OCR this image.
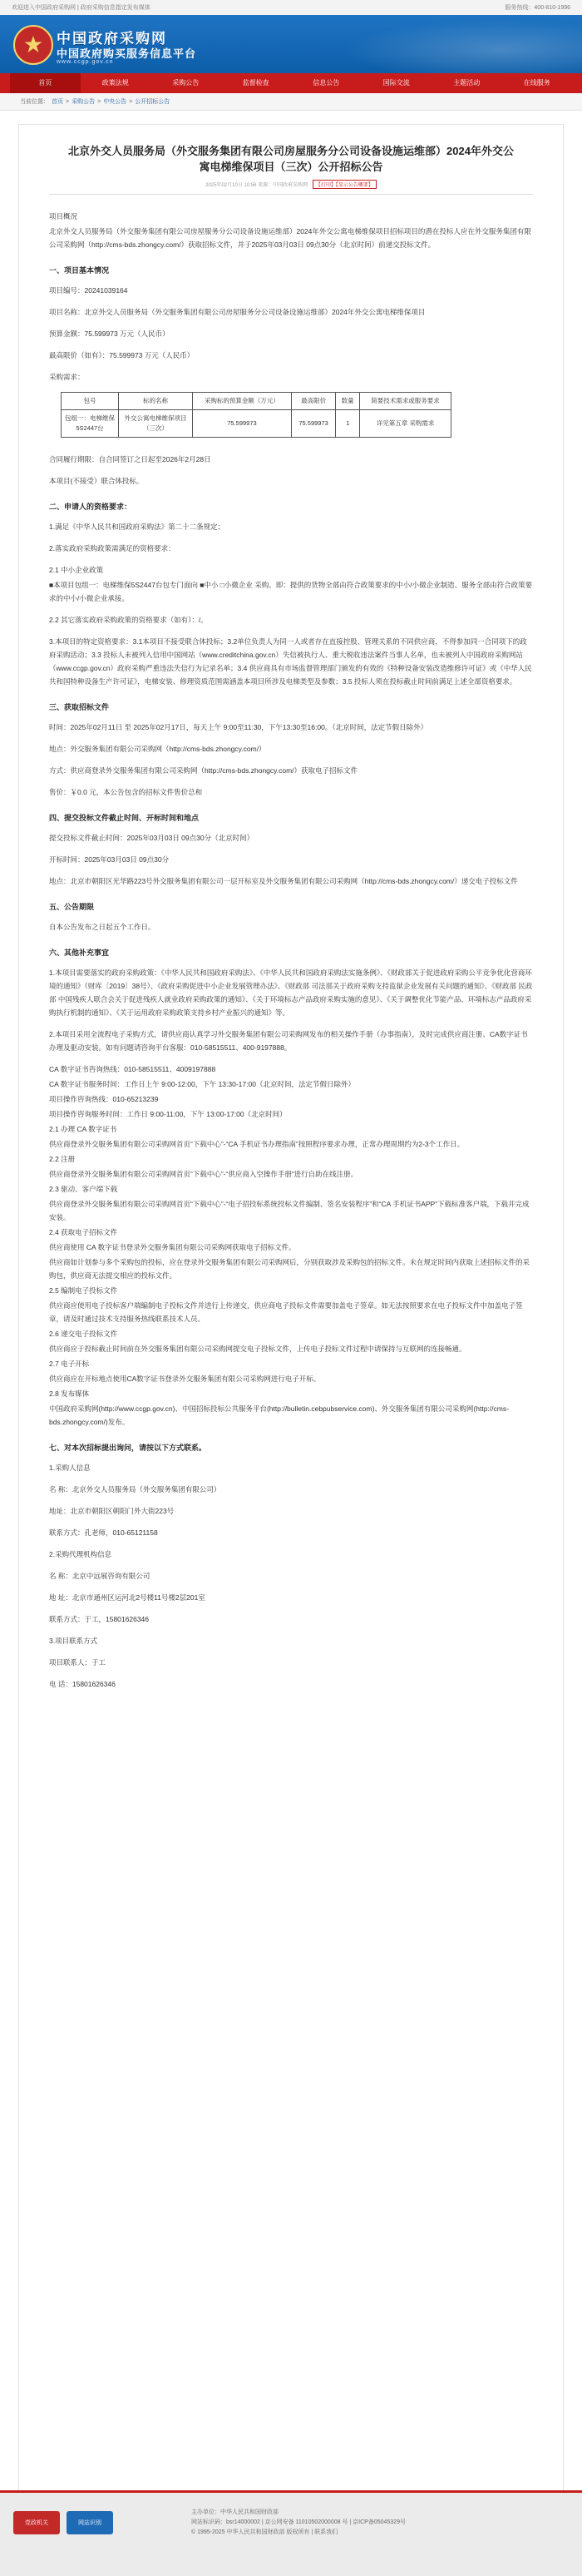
欢迎进入中国政府采购网 | 政府采购信息指定发布媒体	服务热线：400-810-1996
中国政府采购网
中国政府购买服务信息平台
www.ccgp.gov.cn
首页	政策法规	采购公告	监督检查	信息公告	国际交流	主题活动	在线服务
当前位置： 首页 > 采购公告 > 中央公告 > 公开招标公告
北京外交人员服务局（外交服务集团有限公司房屋服务分公司设备设施运维部）2024年外交公寓电梯维保项目（三次）公开招标公告
2025年02月10日 10:56 来源：中国政府采购网 【打印】【显示公告概要】
项目概况
北京外交人员服务局（外交服务集团有限公司房屋服务分公司设备设施运维部）2024年外交公寓电梯维保项目招标项目的潜在投标人应在外交服务集团有限公司采购网（http://cms-bds.zhongcy.com/）获取招标文件，并于2025年03月03日 09点30分（北京时间）前递交投标文件。
一、项目基本情况
项目编号：20241039164
项目名称：北京外交人员服务局（外交服务集团有限公司房屋服务分公司设备设施运维部）2024年外交公寓电梯维保项目
预算金额：75.599973 万元（人民币）
最高限价（如有）：75.599973 万元（人民币）
采购需求：
包号	标的名称	采购标的预算金额（万元）	最高限价	数量	简要技术需求或服务要求
包组一：电梯维保5S2447台	外交公寓电梯维保项目（三次）	75.599973	75.599973	1	详见第五章 采购需求
合同履行期限：自合同签订之日起至2026年2月28日
本项目(不接受）联合体投标。
二、申请人的资格要求：
1.满足《中华人民共和国政府采购法》第二十二条规定；
2.落实政府采购政策需满足的资格要求：
2.1 中小企业政策
■本项目包组一：电梯维保5S2447台包专门面向 ■中小 □小微企业 采购。即：提供的货物全部由符合政策要求的中小/小微企业制造、服务全部由符合政策要求的中小/小微企业承接。
2.2 其它落实政府采购政策的资格要求（如有）：/。
3.本项目的特定资格要求：3.1本项目不接受联合体投标；3.2单位负责人为同一人或者存在直接控股、管理关系的不同供应商，不得参加同一合同项下的政府采购活动；3.3 投标人未被列入信用中国网站（www.creditchina.gov.cn）失信被执行人、重大税收违法案件当事人名单，也未被列入中国政府采购网站（www.ccgp.gov.cn）政府采购严重违法失信行为记录名单；3.4 供应商具有市场监督管理部门颁发的有效的《特种设备安装改造维修许可证》或《中华人民共和国特种设备生产许可证》，电梯安装、修理资质范围需涵盖本项目所涉及电梯类型及参数；3.5 投标人须在投标截止时间前满足上述全部资格要求。
三、获取招标文件
时间：2025年02月11日 至 2025年02月17日，每天上午 9:00至11:30，下午13:30至16:00。（北京时间，法定节假日除外）
地点：外交服务集团有限公司采购网（http://cms-bds.zhongcy.com/）
方式：供应商登录外交服务集团有限公司采购网（http://cms-bds.zhongcy.com/）获取电子招标文件
售价：￥0.0 元，本公告包含的招标文件售价总和
四、提交投标文件截止时间、开标时间和地点
提交投标文件截止时间：2025年03月03日 09点30分（北京时间）
开标时间：2025年03月03日 09点30分
地点：北京市朝阳区光华路223号外交服务集团有限公司一层开标室及外交服务集团有限公司采购网（http://cms-bds.zhongcy.com/）递交电子投标文件
五、公告期限
自本公告发布之日起五个工作日。
六、其他补充事宜
1.本项目需要落实的政府采购政策：《中华人民共和国政府采购法》、《中华人民共和国政府采购法实施条例》、《财政部关于促进政府采购公平竞争优化营商环境的通知》（财库〔2019〕38号）、《政府采购促进中小企业发展管理办法》、《财政部 司法部关于政府采购支持监狱企业发展有关问题的通知》、《财政部 民政部 中国残疾人联合会关于促进残疾人就业政府采购政策的通知》、《关于环境标志产品政府采购实施的意见》、《关于调整优化节能产品、环境标志产品政府采购执行机制的通知》、《关于运用政府采购政策支持乡村产业振兴的通知》等。
2.本项目采用全流程电子采购方式，请供应商认真学习外交服务集团有限公司采购网发布的相关操作手册（办事指南），及时完成供应商注册、CA数字证书办理及驱动安装。如有问题请咨询平台客服：010-58515511、400-9197888。
CA 数字证书咨询热线：010-58515511、4009197888
CA 数字证书服务时间：工作日上午 9:00-12:00，下午 13:30-17:00（北京时间，法定节假日除外）
项目操作咨询热线：010-65213239
项目操作咨询服务时间：工作日 9:00-11:00，下午 13:00-17:00（北京时间）
2.1 办理 CA 数字证书
供应商登录外交服务集团有限公司采购网首页“下载中心”-“CA 手机证书办理指南”按照程序要求办理，正常办理周期约为2-3个工作日。
2.2 注册
供应商登录外交服务集团有限公司采购网首页“下载中心”-“供应商入空操作手册”进行自助在线注册。
2.3 驱动、客户端下载
供应商登录外交服务集团有限公司采购网首页“下载中心”-“电子招投标系统投标文件编制、签名安装程序”和“CA 手机证书APP”下载标准客户端，下载并完成安装。
2.4 获取电子招标文件
供应商使用 CA 数字证书登录外交服务集团有限公司采购网获取电子招标文件。
供应商如计划参与多个采购包的投标，应在登录外交服务集团有限公司采购网后，分别获取涉及采购包的招标文件。未在规定时间内获取上述招标文件的采购包，供应商无法提交相应的投标文件。
2.5 编制电子投标文件
供应商应使用电子投标客户端编制电子投标文件并进行上传递交，供应商电子投标文件需要加盖电子签章。如无法按照要求在电子投标文件中加盖电子签章，请及时通过技术支持服务热线联系技术人员。
2.6 递交电子投标文件
供应商应于投标截止时间前在外交服务集团有限公司采购网提交电子投标文件，上传电子投标文件过程中请保持与互联网的连接畅通。
2.7 电子开标
供应商应在开标地点使用CA数字证书登录外交服务集团有限公司采购网进行电子开标。
2.8 发布媒体
中国政府采购网(http://www.ccgp.gov.cn)、中国招标投标公共服务平台(http://bulletin.cebpubservice.com)、外交服务集团有限公司采购网(http://cms-bds.zhongcy.com/)发布。
七、对本次招标提出询问，请按以下方式联系。
1.采购人信息
名 称：北京外交人员服务局（外交服务集团有限公司）
地址：北京市朝阳区朝阳门外大街223号
联系方式：孔老师，010-65121158
2.采购代理机构信息
名 称：北京中远展咨询有限公司
地 址：北京市通州区运河北2号楼11号楼2层201室
联系方式：于工，15801626346
3.项目联系方式
项目联系人：于工
电 话：15801626346
党政机关	网站识别
主办单位：中华人民共和国财政部
网站标识码：bsr14000002 | 京公网安备 11010502000008 号 | 京ICP备05045329号
© 1995-2025 中华人民共和国财政部 版权所有 | 联系我们
